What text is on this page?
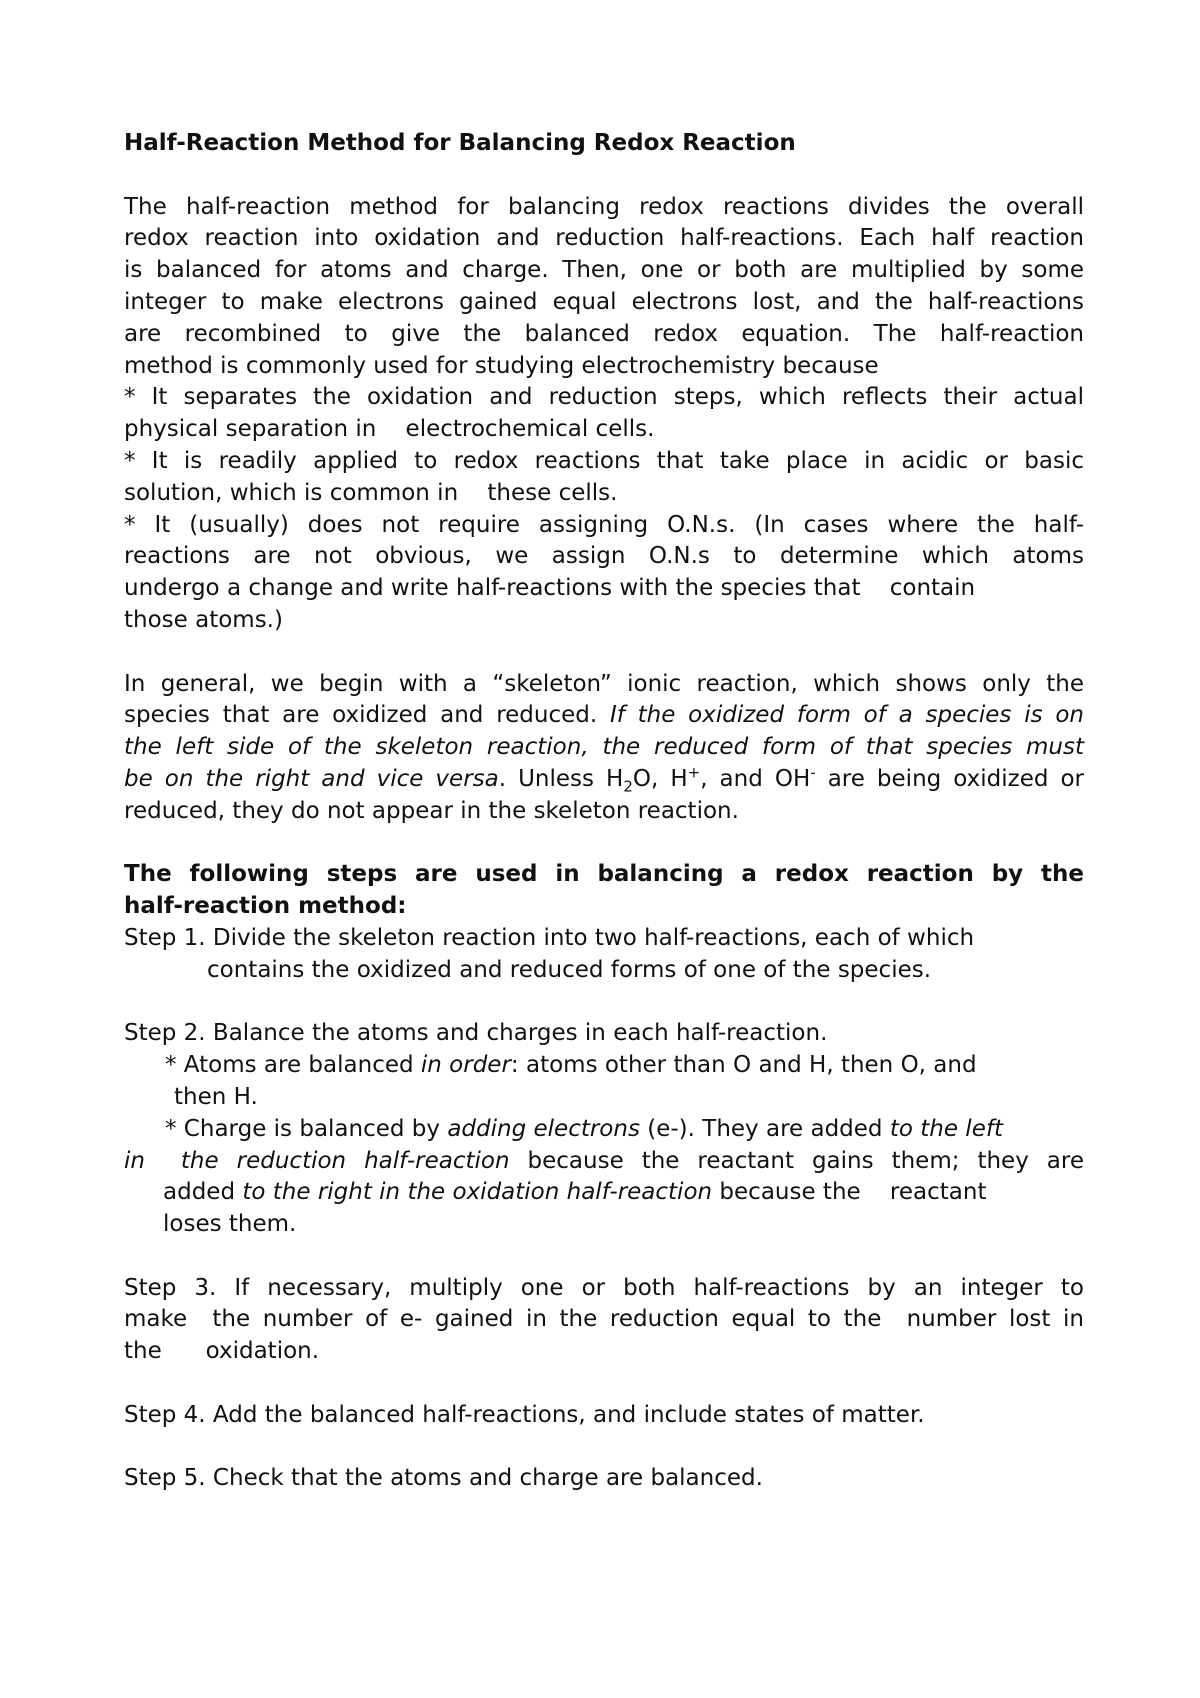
Half-Reaction Method for Balancing Redox Reaction

The half-reaction method for balancing redox reactions divides the overall

redox reaction into oxidation and reduction half-reactions. Each half reaction

is balanced for atoms and charge. Then, one or both are multiplied by some

integer to make electrons gained equal electrons lost, and the half-reactions

are recombined to give the balanced redox equation. The half-reaction

method is commonly used for studying electrochemistry because

* It separates the oxidation and reduction steps, which reflects their actual

physical separation in    electrochemical cells.

* It is readily applied to redox reactions that take place in acidic or basic

solution, which is common in    these cells.

* It (usually) does not require assigning O.N.s. (In cases where the half-

reactions are not obvious, we assign O.N.s to determine which atoms

undergo a change and write half-reactions with the species that    contain

those atoms.)

In general, we begin with a “skeleton” ionic reaction, which shows only the

species that are oxidized and reduced. If the oxidized form of a species is on

the left side of the skeleton reaction, the reduced form of that species must

be on the right and vice versa. Unless $H_2O$, H+, and OH- are being oxidized or

reduced, they do not appear in the skeleton reaction.

The following steps are used in balancing a redox reaction by the

half-reaction method:

Step 1. Divide the skeleton reaction into two half-reactions, each of which

contains the oxidized and reduced forms of one of the species.

Step 2. Balance the atoms and charges in each half-reaction.

* Atoms are balanced in order: atoms other than O and H, then O, and

then H.

* Charge is balanced by adding electrons (e-). They are added to the left

in  the reduction half-reaction because the reactant gains them; they are

added to the right in the oxidation half-reaction because the    reactant

loses them.

Step 3. If necessary, multiply one or both half-reactions by an integer to

make  the number of e- gained in the reduction equal to the  number lost in

the      oxidation.

Step 4. Add the balanced half-reactions, and include states of matter.

Step 5. Check that the atoms and charge are balanced.
